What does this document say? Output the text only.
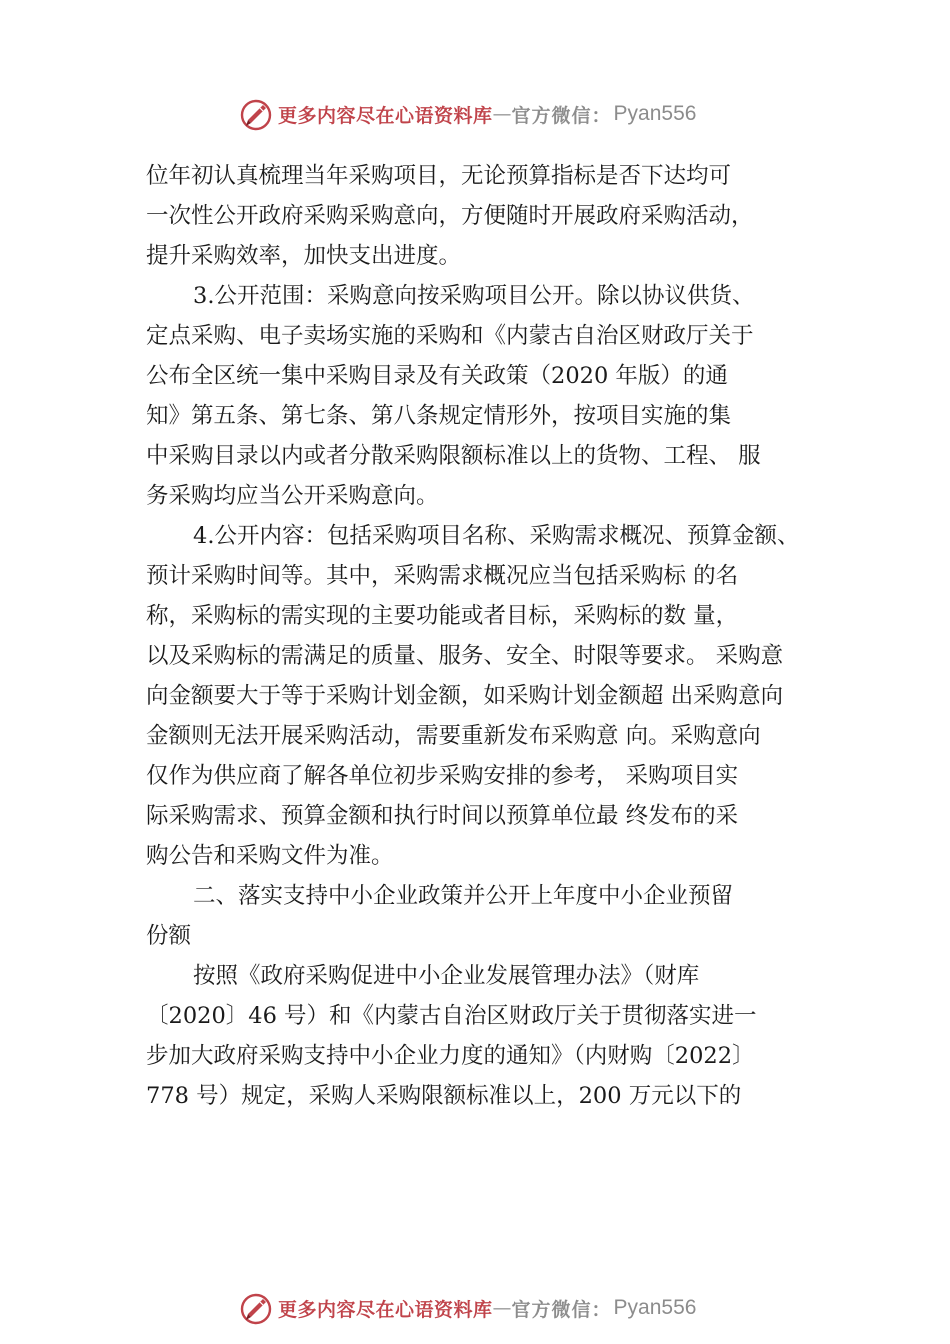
更多内容尽在心语资料库 — 官方微信： Pyan556
位年初认真梳理当年采购项目，无论预算指标是否下达均可
一次性公开政府采购采购意向，方便随时开展政府采购活动，
提升采购效率，加快支出进度。
3.公开范围：采购意向按采购项目公开。除以协议供货、
定点采购、电子卖场实施的采购和《内蒙古自治区财政厅关于
公布全区统一集中采购目录及有关政策（2020 年版）的通
知》第五条、第七条、第八条规定情形外，按项目实施的集
中采购目录以内或者分散采购限额标准以上的货物、工程、 服
务采购均应当公开采购意向。
4.公开内容：包括采购项目名称、采购需求概况、预算金额、
预计采购时间等。其中，采购需求概况应当包括采购标 的名
称，采购标的需实现的主要功能或者目标，采购标的数 量，
以及采购标的需满足的质量、服务、安全、时限等要求。 采购意
向金额要大于等于采购计划金额，如采购计划金额超 出采购意向
金额则无法开展采购活动，需要重新发布采购意 向。采购意向
仅作为供应商了解各单位初步采购安排的参考， 采购项目实
际采购需求、预算金额和执行时间以预算单位最 终发布的采
购公告和采购文件为准。
二、落实支持中小企业政策并公开上年度中小企业预留
份额
按照《政府采购促进中小企业发展管理办法》（财库
〔2020〕46 号）和《内蒙古自治区财政厅关于贯彻落实进一
步加大政府采购支持中小企业力度的通知》（内财购〔2022〕
778 号）规定，采购人采购限额标准以上，200 万元以下的
更多内容尽在心语资料库 — 官方微信： Pyan556
